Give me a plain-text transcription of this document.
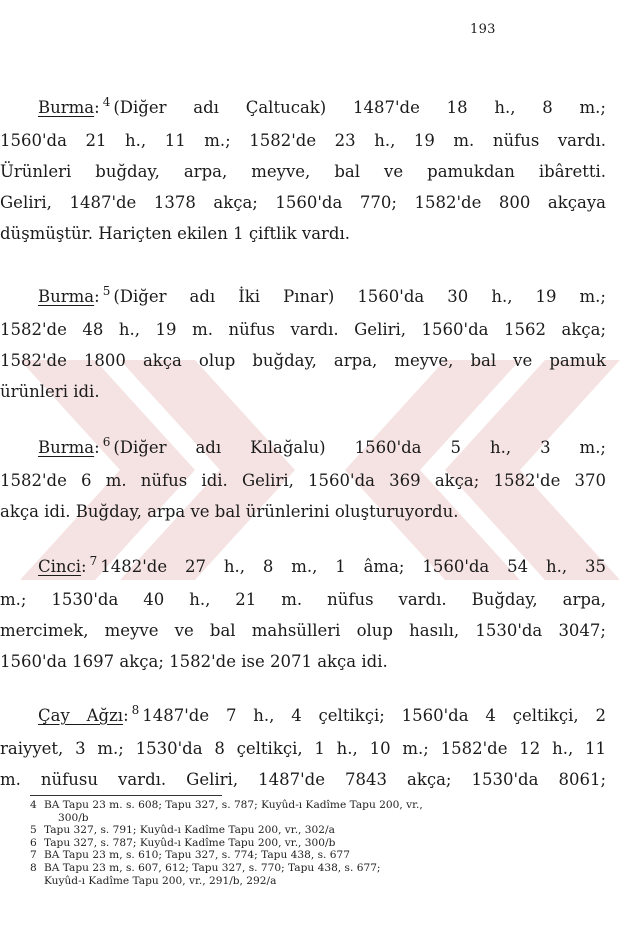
193
Burma: $^4$ (Diğer adı Çaltucak) 1487'de 18 h., 8 m.;
1560'da 21 h., 11 m.; 1582'de 23 h., 19 m. nüfus vardı.
Ürünleri buğday, arpa, meyve, bal ve pamukdan ibâretti.
Geliri, 1487'de 1378 akça; 1560'da 770; 1582'de 800 akçaya
düşmüştür. Hariçten ekilen 1 çiftlik vardı.
Burma: $^5$ (Diğer adı İki Pınar) 1560'da 30 h., 19 m.;
1582'de 48 h., 19 m. nüfus vardı. Geliri, 1560'da 1562 akça;
1582'de 1800 akça olup buğday, arpa, meyve, bal ve pamuk
ürünleri idi.
Burma: $^6$ (Diğer adı Kılağalu) 1560'da 5 h., 3 m.;
1582'de 6 m. nüfus idi. Geliri, 1560'da 369 akça; 1582'de 370
akça idi. Buğday, arpa ve bal ürünlerini oluşturuyordu.
Cinci: $^7$ 1482'de 27 h., 8 m., 1 âma; 1560'da 54 h., 35
m.; 1530'da 40 h., 21 m. nüfus vardı. Buğday, arpa,
mercimek, meyve ve bal mahsülleri olup hasılı, 1530'da 3047;
1560'da 1697 akça; 1582'de ise 2071 akça idi.
Çay Ağzı: $^8$ 1487'de 7 h., 4 çeltikçi; 1560'da 4 çeltikçi, 2
raiyyet, 3 m.; 1530'da 8 çeltikçi, 1 h., 10 m.; 1582'de 12 h., 11
m. nüfusu vardı. Geliri, 1487'de 7843 akça; 1530'da 8061;
4 BA Tapu 23 m. s. 608; Tapu 327, s. 787; Kuyûd-ı Kadîme Tapu 200, vr.,
300/b
5 Tapu 327, s. 791; Kuyûd-ı Kadîme Tapu 200, vr., 302/a
6 Tapu 327, s. 787; Kuyûd-ı Kadîme Tapu 200, vr., 300/b
7 BA Tapu 23 m, s. 610; Tapu 327, s. 774; Tapu 438, s. 677
8 BA Tapu 23 m, s. 607, 612; Tapu 327, s. 770; Tapu 438, s. 677;
Kuyûd-ı Kadîme Tapu 200, vr., 291/b, 292/a
